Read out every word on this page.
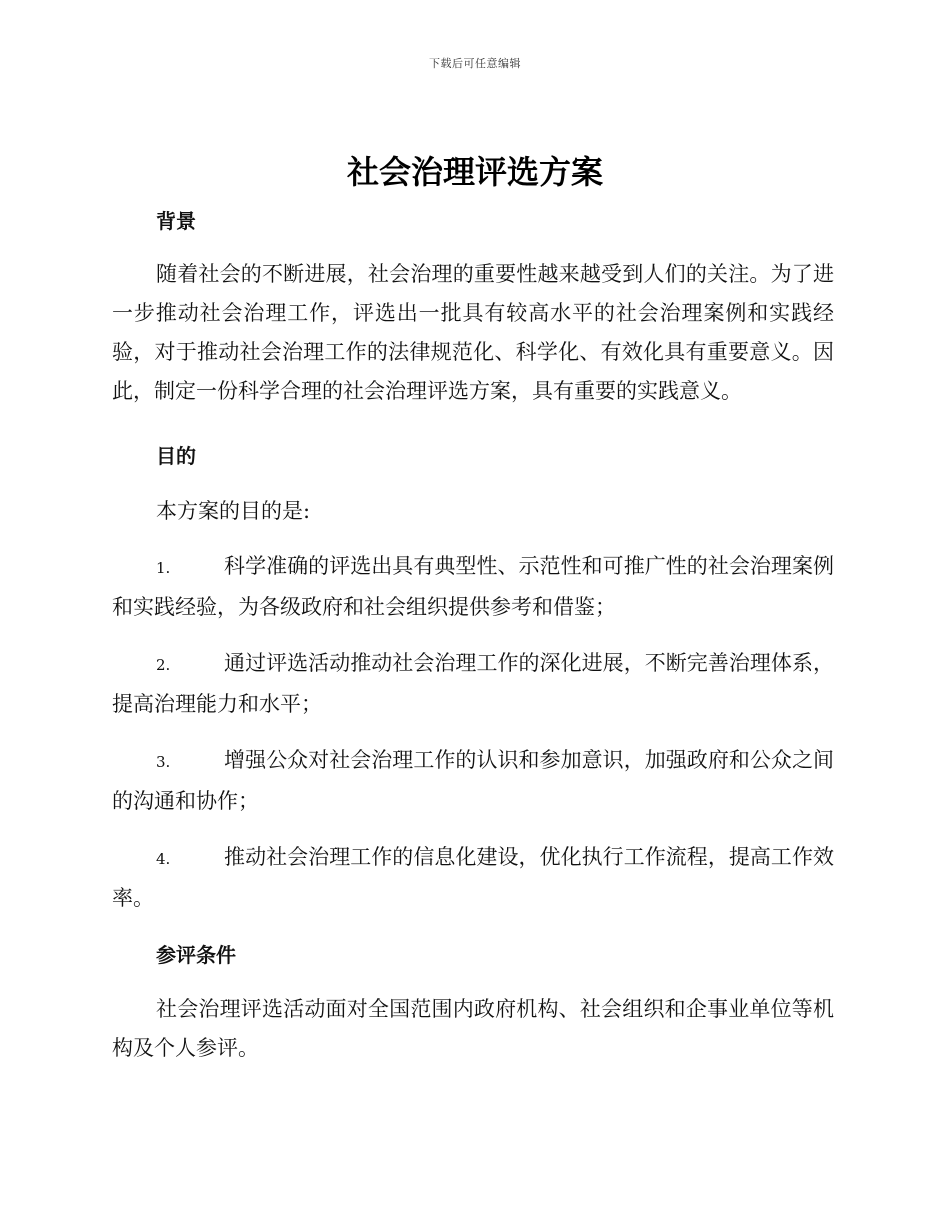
下载后可任意编辑
社会治理评选方案
背景
随着社会的不断进展，社会治理的重要性越来越受到人们的关注。为了进一步推动社会治理工作，评选出一批具有较高水平的社会治理案例和实践经验，对于推动社会治理工作的法律规范化、科学化、有效化具有重要意义。因此，制定一份科学合理的社会治理评选方案，具有重要的实践意义。
目的
本方案的目的是:
1.	科学准确的评选出具有典型性、示范性和可推广性的社会治理案例和实践经验，为各级政府和社会组织提供参考和借鉴；
2.	通过评选活动推动社会治理工作的深化进展，不断完善治理体系，提高治理能力和水平；
3.	增强公众对社会治理工作的认识和参加意识，加强政府和公众之间的沟通和协作；
4.	推动社会治理工作的信息化建设，优化执行工作流程，提高工作效率。
参评条件
社会治理评选活动面对全国范围内政府机构、社会组织和企事业单位等机构及个人参评。
